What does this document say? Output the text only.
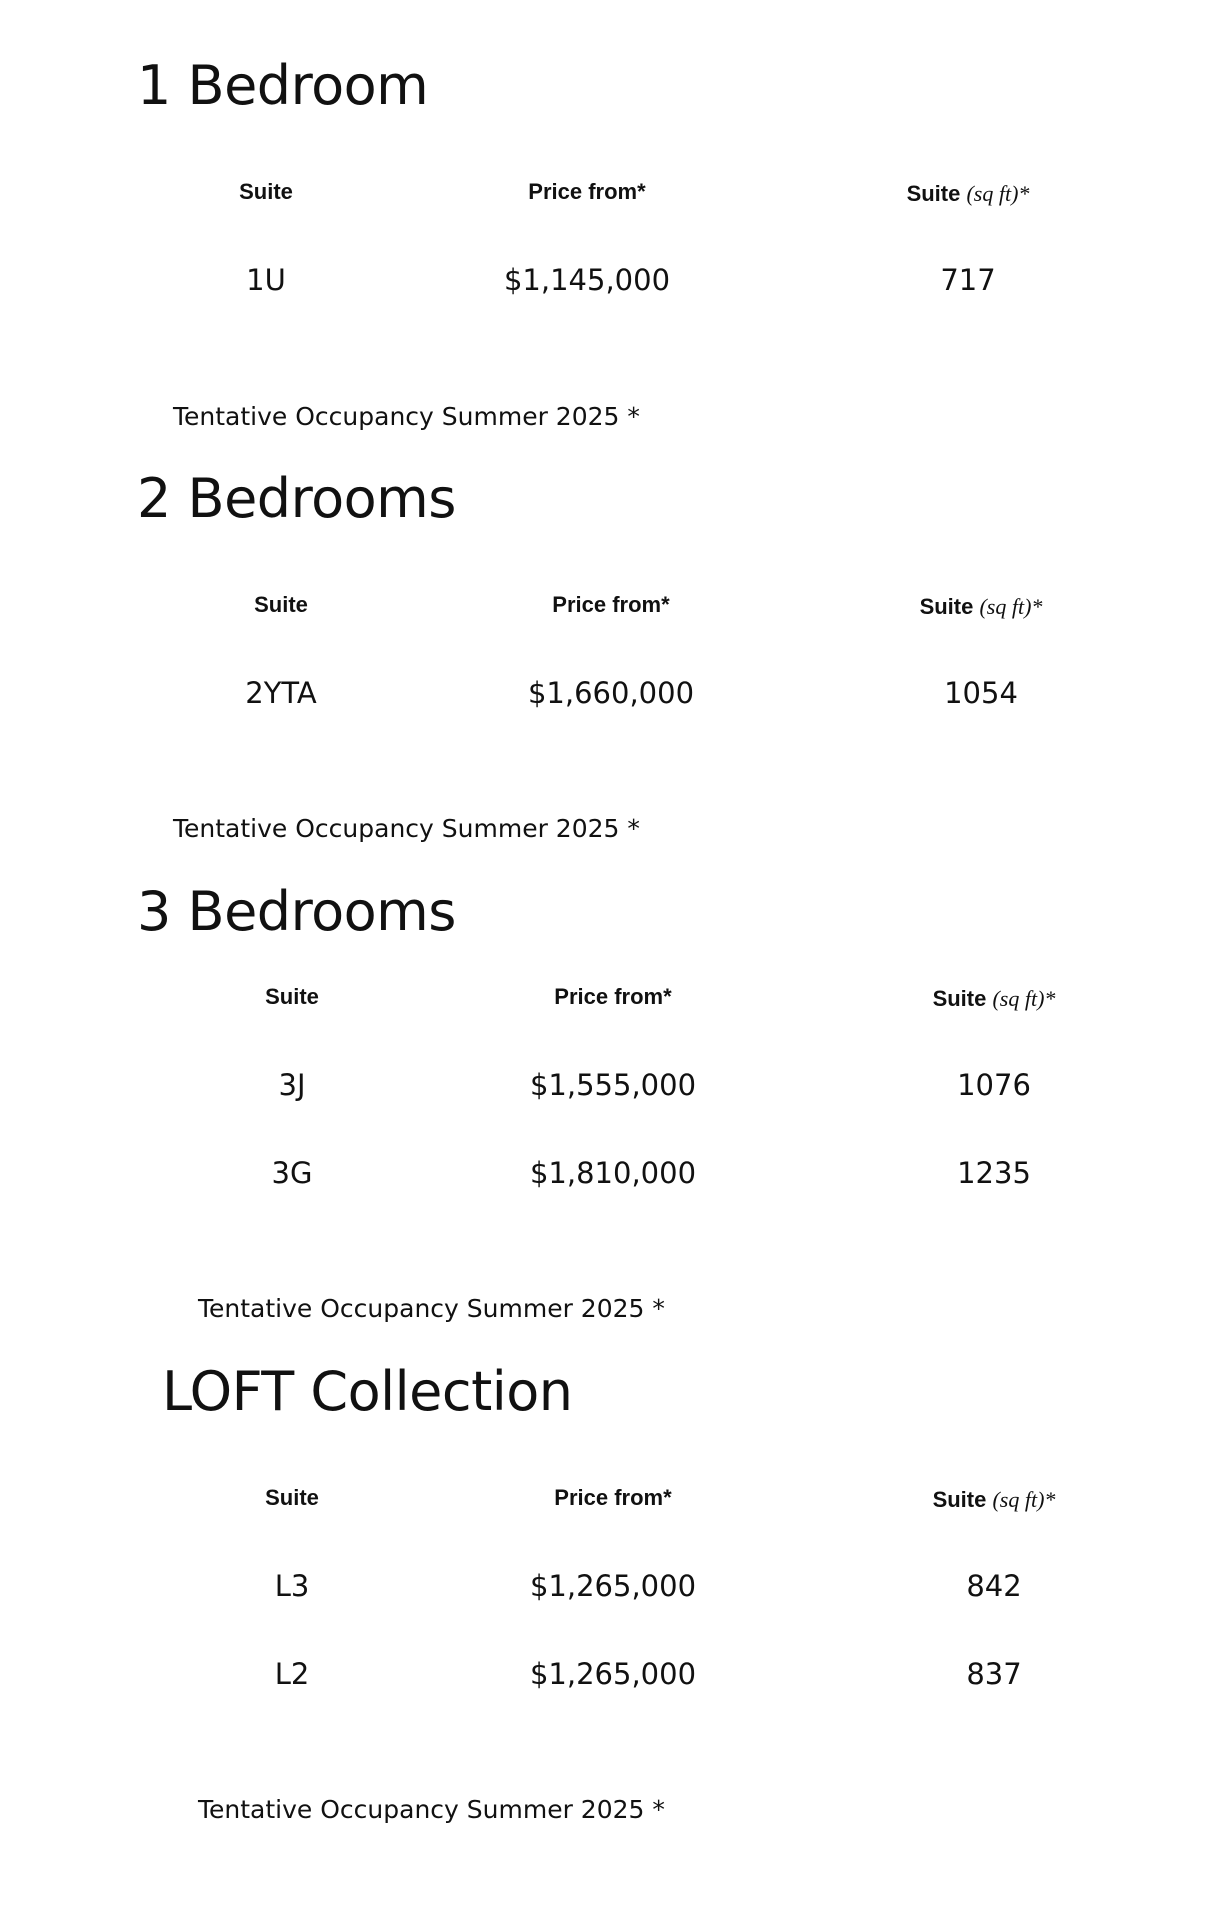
1 Bedroom
Suite	Price from*	Suite (sq ft)*
1U	$1,145,000	717
Tentative Occupancy Summer 2025 *
2 Bedrooms
Suite	Price from*	Suite (sq ft)*
2YTA	$1,660,000	1054
Tentative Occupancy Summer 2025 *
3 Bedrooms
Suite	Price from*	Suite (sq ft)*
3J	$1,555,000	1076
3G	$1,810,000	1235
Tentative Occupancy Summer 2025 *
LOFT Collection
Suite	Price from*	Suite (sq ft)*
L3	$1,265,000	842
L2	$1,265,000	837
Tentative Occupancy Summer 2025 *
